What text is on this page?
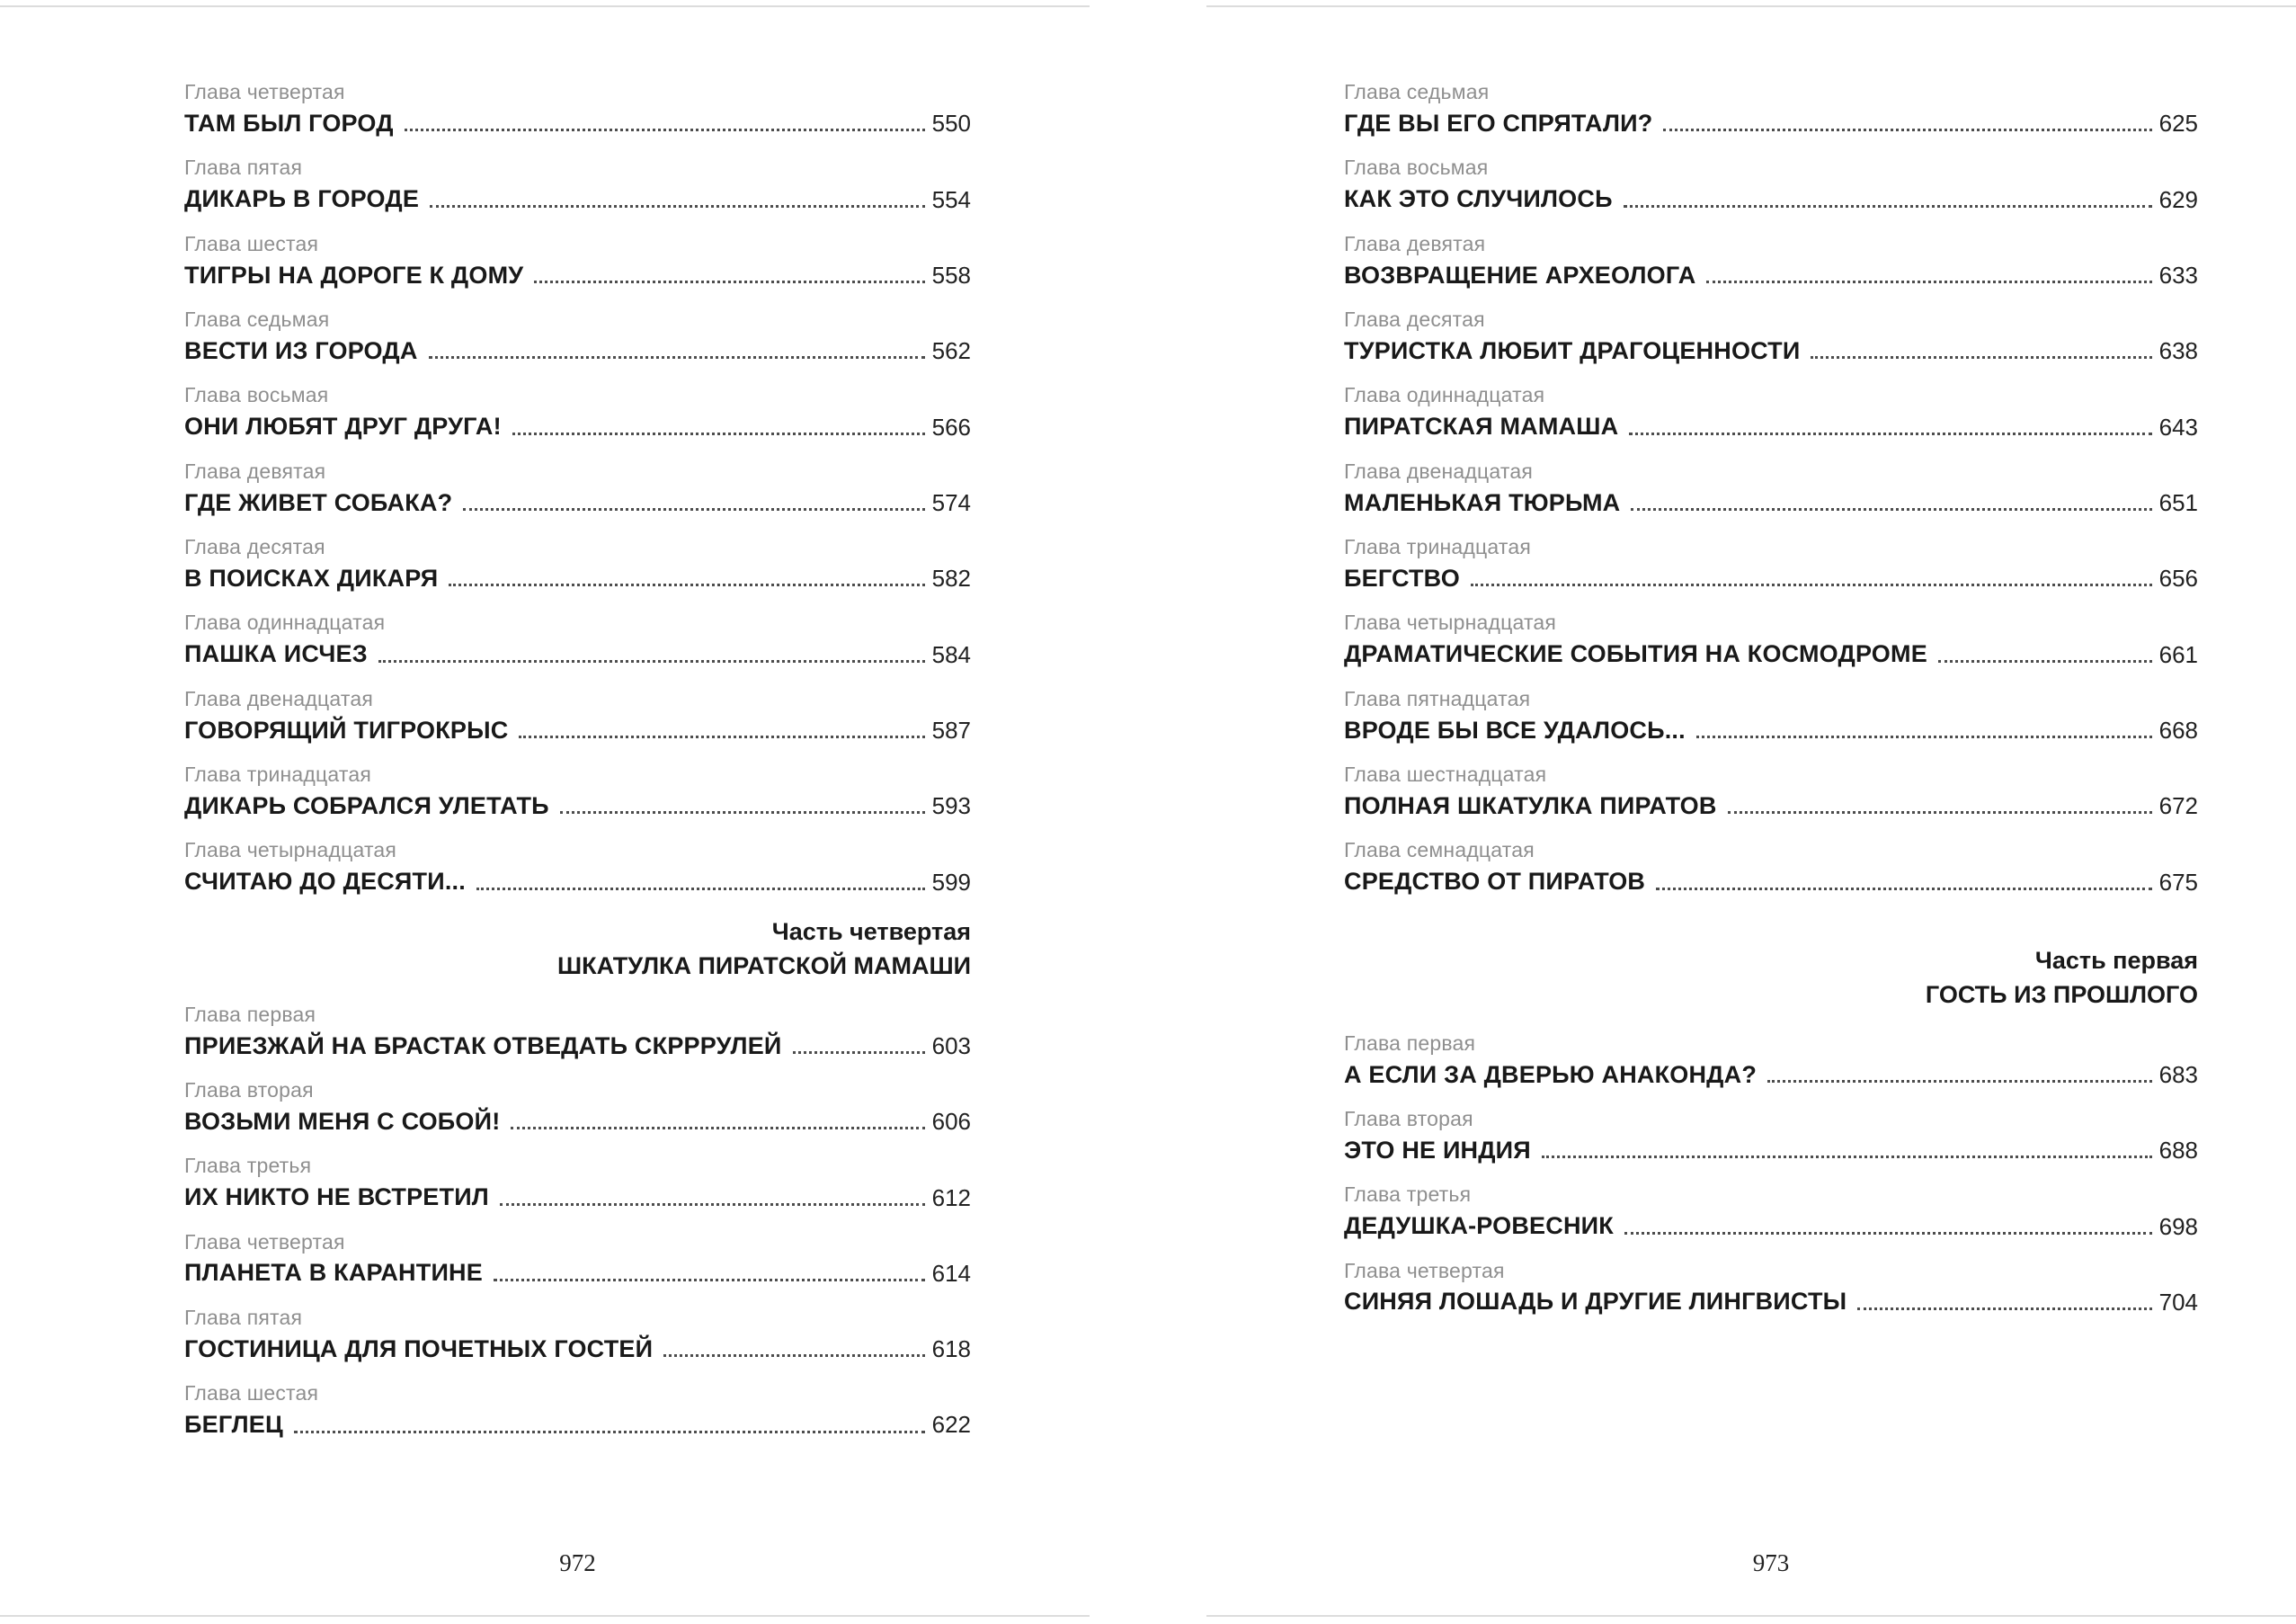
Глава четвертая
ТАМ БЫЛ ГОРОД	550
Глава пятая
ДИКАРЬ В ГОРОДЕ	554
Глава шестая
ТИГРЫ НА ДОРОГЕ К ДОМУ	558
Глава седьмая
ВЕСТИ ИЗ ГОРОДА	562
Глава восьмая
ОНИ ЛЮБЯТ ДРУГ ДРУГА!	566
Глава девятая
ГДЕ ЖИВЕТ СОБАКА?	574
Глава десятая
В ПОИСКАХ ДИКАРЯ	582
Глава одиннадцатая
ПАШКА ИСЧЕЗ	584
Глава двенадцатая
ГОВОРЯЩИЙ ТИГРОКРЫС	587
Глава тринадцатая
ДИКАРЬ СОБРАЛСЯ УЛЕТАТЬ	593
Глава четырнадцатая
СЧИТАЮ ДО ДЕСЯТИ...	599
Часть четвертая
ШКАТУЛКА ПИРАТСКОЙ МАМАШИ
Глава первая
ПРИЕЗЖАЙ НА БРАСТАК ОТВЕДАТЬ СКРРРУЛЕЙ	603
Глава вторая
ВОЗЬМИ МЕНЯ С СОБОЙ!	606
Глава третья
ИХ НИКТО НЕ ВСТРЕТИЛ	612
Глава четвертая
ПЛАНЕТА В КАРАНТИНЕ	614
Глава пятая
ГОСТИНИЦА ДЛЯ ПОЧЕТНЫХ ГОСТЕЙ	618
Глава шестая
БЕГЛЕЦ	622
Глава седьмая
ГДЕ ВЫ ЕГО СПРЯТАЛИ?	625
Глава восьмая
КАК ЭТО СЛУЧИЛОСЬ	629
Глава девятая
ВОЗВРАЩЕНИЕ АРХЕОЛОГА	633
Глава десятая
ТУРИСТКА ЛЮБИТ ДРАГОЦЕННОСТИ	638
Глава одиннадцатая
ПИРАТСКАЯ МАМАША	643
Глава двенадцатая
МАЛЕНЬКАЯ ТЮРЬМА	651
Глава тринадцатая
БЕГСТВО	656
Глава четырнадцатая
ДРАМАТИЧЕСКИЕ СОБЫТИЯ НА КОСМОДРОМЕ	661
Глава пятнадцатая
ВРОДЕ БЫ ВСЕ УДАЛОСЬ...	668
Глава шестнадцатая
ПОЛНАЯ ШКАТУЛКА ПИРАТОВ	672
Глава семнадцатая
СРЕДСТВО ОТ ПИРАТОВ	675
Часть первая
ГОСТЬ ИЗ ПРОШЛОГО
Глава первая
А ЕСЛИ ЗА ДВЕРЬЮ АНАКОНДА?	683
Глава вторая
ЭТО НЕ ИНДИЯ	688
Глава третья
ДЕДУШКА-РОВЕСНИК	698
Глава четвертая
СИНЯЯ ЛОШАДЬ И ДРУГИЕ ЛИНГВИСТЫ	704
972	973
